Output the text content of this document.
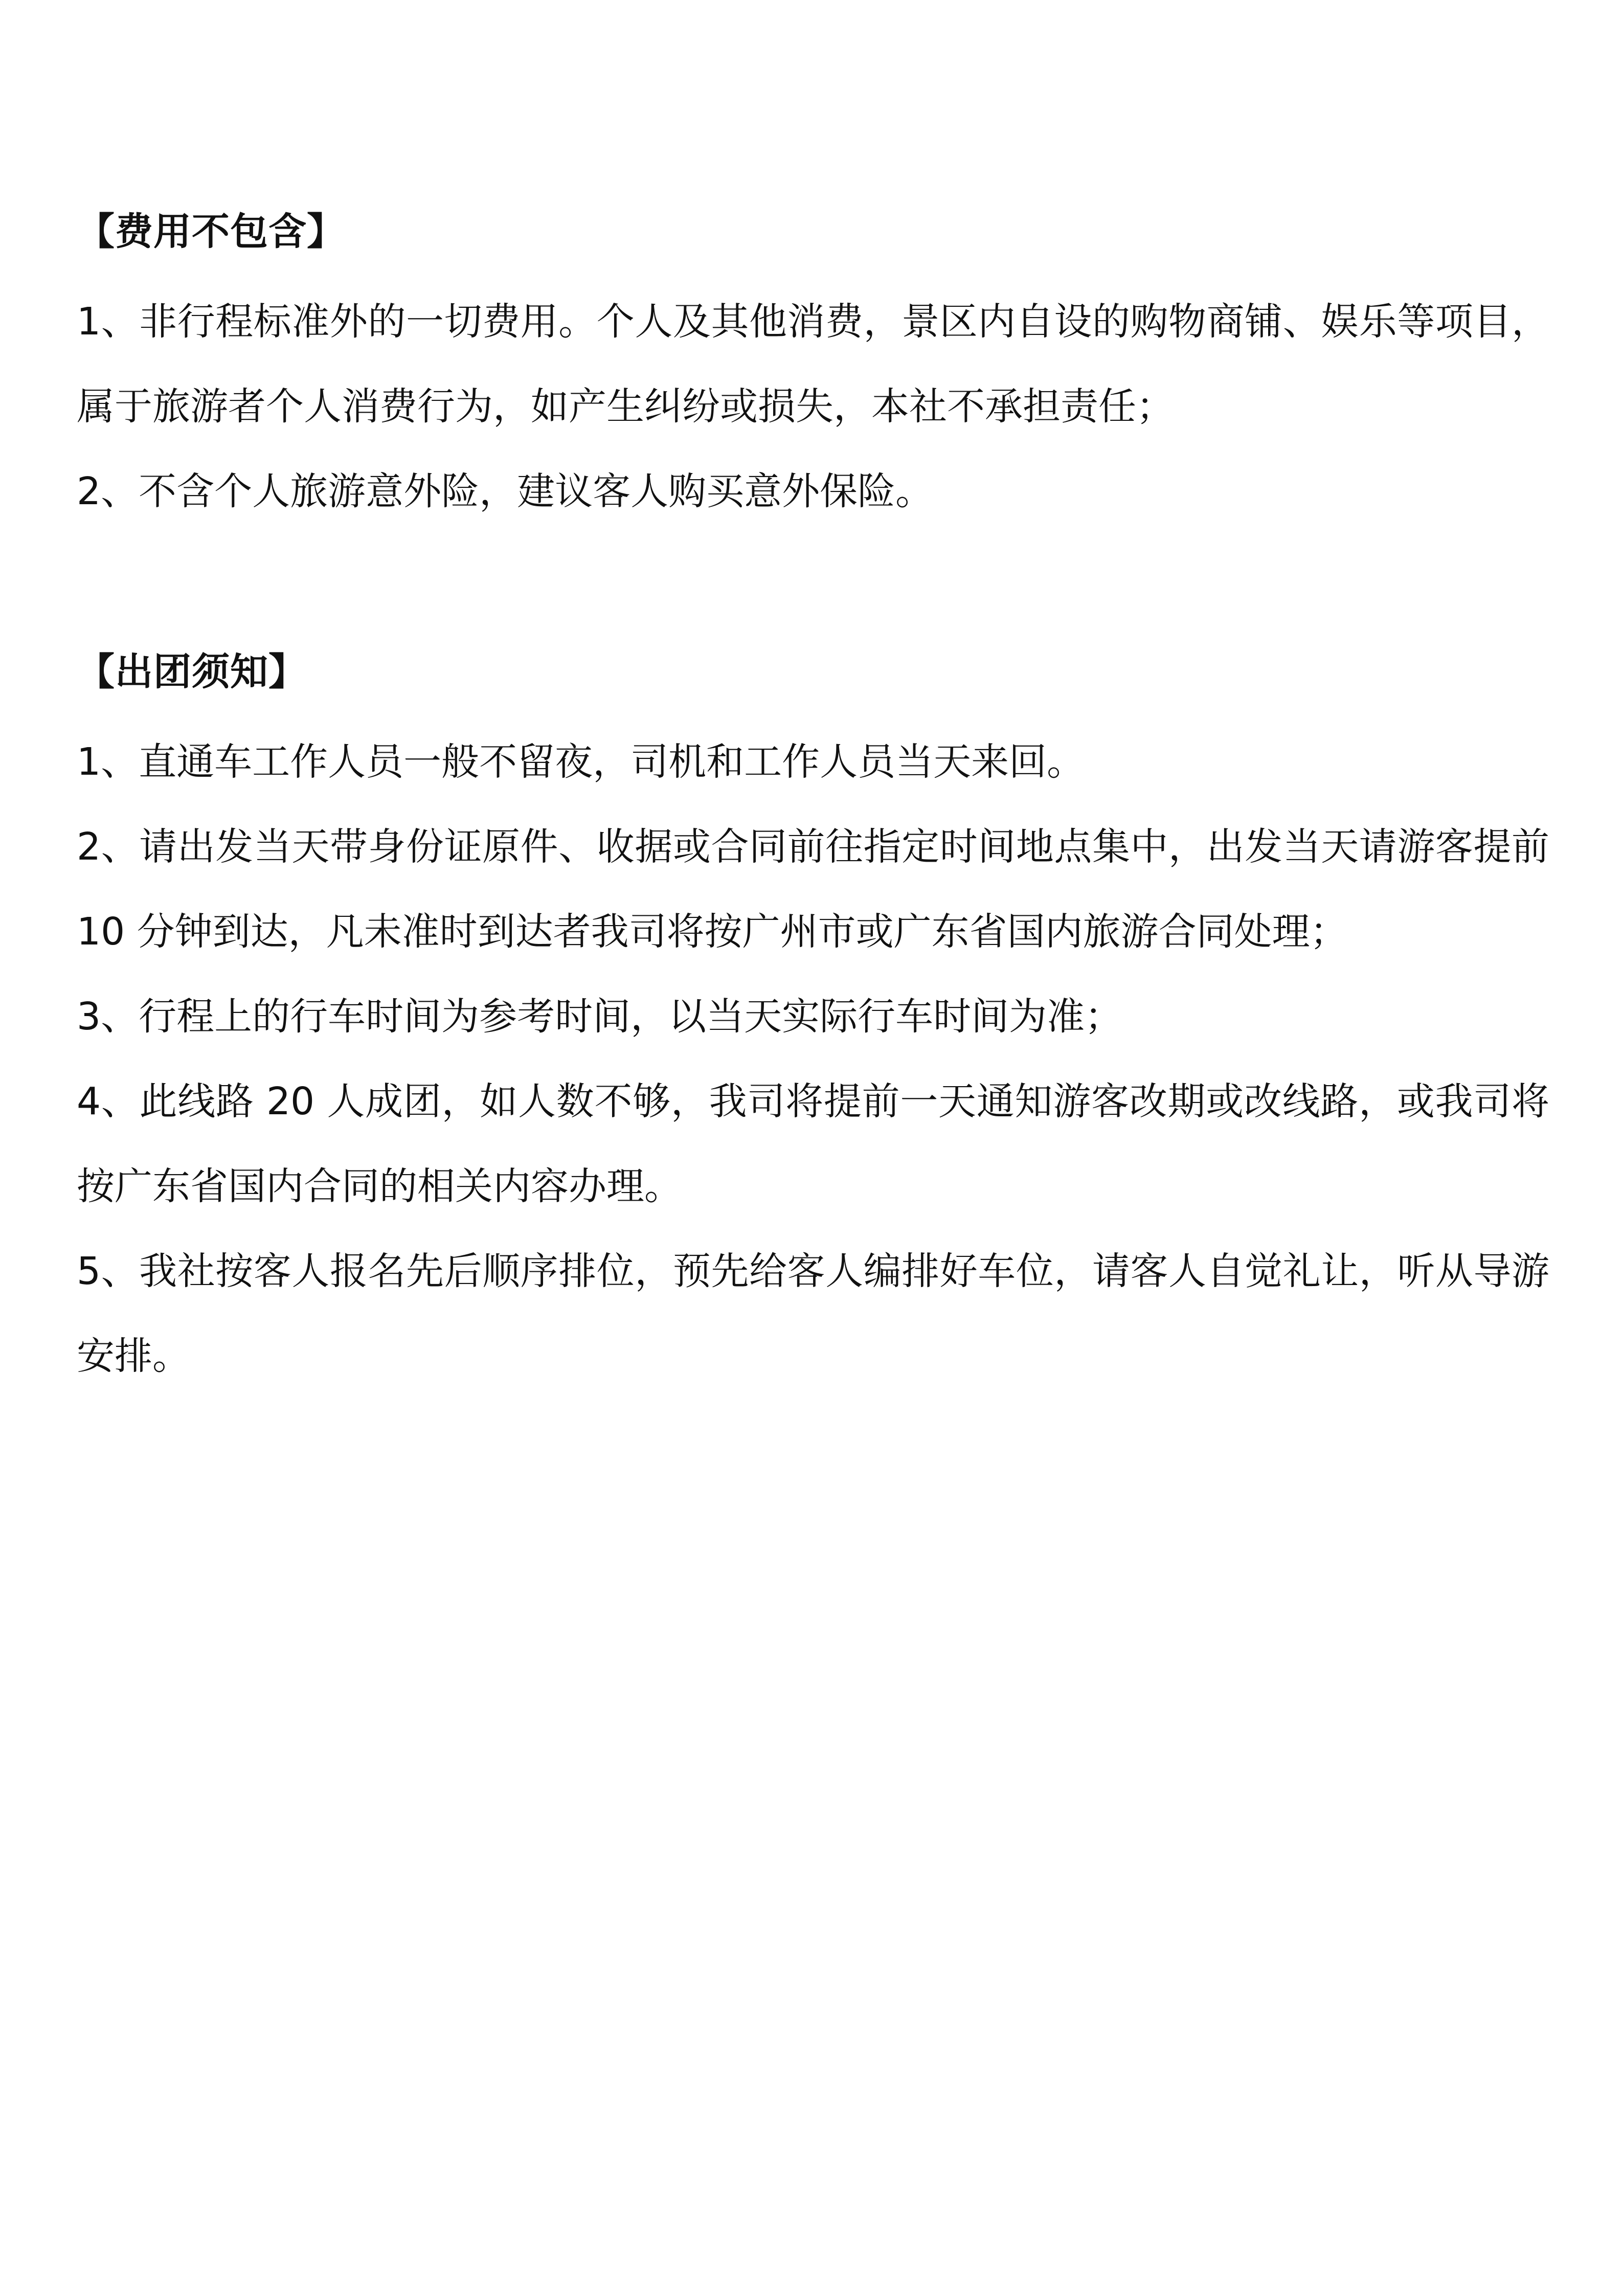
【费用不包含】

1、非行程标准外的一切费用。个人及其他消费，景区内自设的购物商铺、娱乐等项目，属于旅游者个人消费行为，如产生纠纷或损失，本社不承担责任；

2、不含个人旅游意外险，建议客人购买意外保险。

【出团须知】

1、直通车工作人员一般不留夜，司机和工作人员当天来回。

2、请出发当天带身份证原件、收据或合同前往指定时间地点集中，出发当天请游客提前 10 分钟到达，凡未准时到达者我司将按广州市或广东省国内旅游合同处理；

3、行程上的行车时间为参考时间，以当天实际行车时间为准；

4、此线路 20 人成团，如人数不够，我司将提前一天通知游客改期或改线路，或我司将按广东省国内合同的相关内容办理。

5、我社按客人报名先后顺序排位，预先给客人编排好车位，请客人自觉礼让，听从导游安排。
